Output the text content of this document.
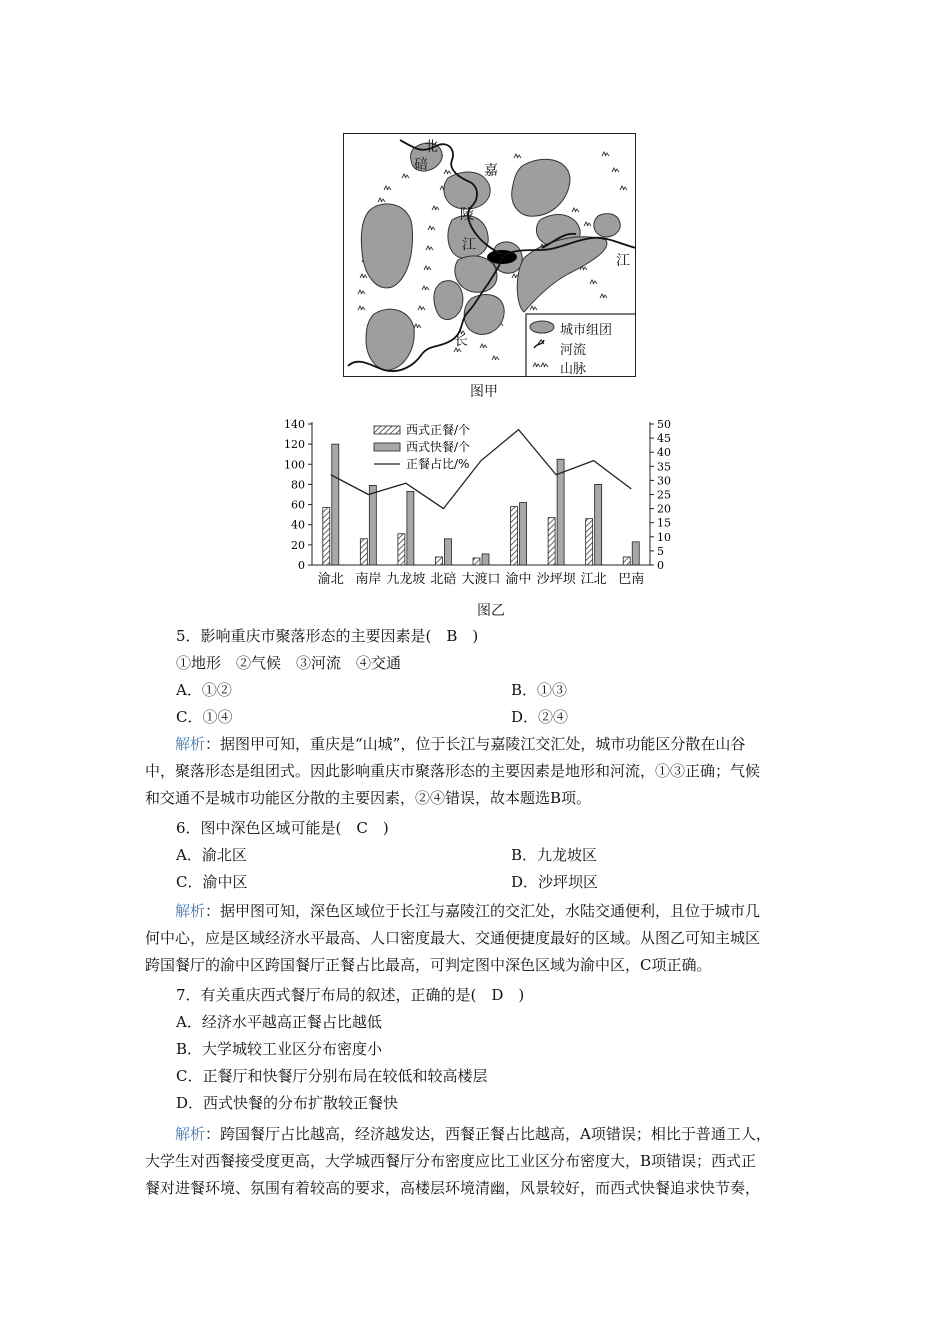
北
碚	嘉
陵
江
江
长
城市组团
河流
山脉
图甲
0
20
40
60
80
100
120
140
0
5
10
15
20
25
30
35
40
45
50
渝北 南岸 九龙坡 北碚 大渡口 渝中 沙坪坝 江北 巴南
西式正餐/个
西式快餐/个
正餐占比/%
图乙
5．影响重庆市聚落形态的主要因素是(　B　)
①地形　②气候　③河流　④交通
A．①②	B．①③
C．①④	D．②④
解析：据图甲可知，重庆是“山城”，位于长江与嘉陵江交汇处，城市功能区分散在山谷
中，聚落形态是组团式。因此影响重庆市聚落形态的主要因素是地形和河流，①③正确；气候
和交通不是城市功能区分散的主要因素，②④错误，故本题选B项。
6．图中深色区域可能是(　C　)
A．渝北区	B．九龙坡区
C．渝中区	D．沙坪坝区
解析：据甲图可知，深色区域位于长江与嘉陵江的交汇处，水陆交通便利，且位于城市几
何中心，应是区域经济水平最高、人口密度最大、交通便捷度最好的区域。从图乙可知主城区
跨国餐厅的渝中区跨国餐厅正餐占比最高，可判定图中深色区域为渝中区，C项正确。
7．有关重庆西式餐厅布局的叙述，正确的是(　D　)
A．经济水平越高正餐占比越低
B．大学城较工业区分布密度小
C．正餐厅和快餐厅分别布局在较低和较高楼层
D．西式快餐的分布扩散较正餐快
解析：跨国餐厅占比越高，经济越发达，西餐正餐占比越高，A项错误；相比于普通工人，
大学生对西餐接受度更高，大学城西餐厅分布密度应比工业区分布密度大，B项错误；西式正
餐对进餐环境、氛围有着较高的要求，高楼层环境清幽，风景较好，而西式快餐追求快节奏，
